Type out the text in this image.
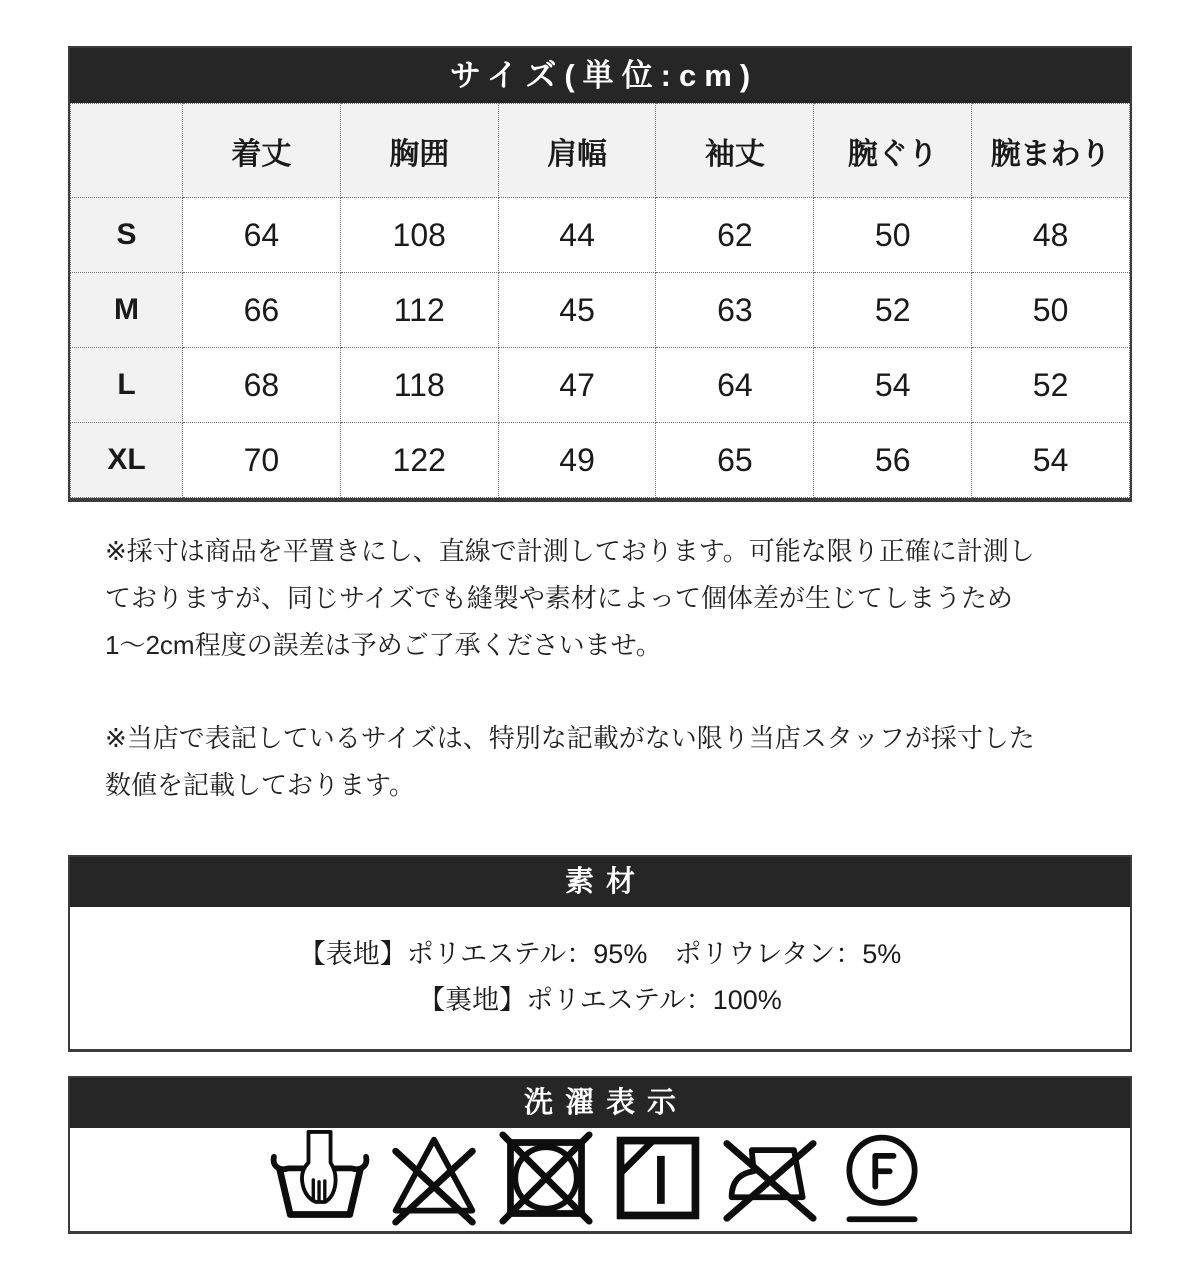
サイズ(単位:cm)
	着丈	胸囲	肩幅	袖丈	腕ぐり	腕まわり
S	64	108	44	62	50	48
M	66	112	45	63	52	50
L	68	118	47	64	54	52
XL	70	122	49	65	56	54

※採寸は商品を平置きにし、直線で計測しております。可能な限り正確に計測し
ておりますが、同じサイズでも縫製や素材によって個体差が生じてしまうため
1〜2cm程度の誤差は予めご了承くださいませ。

※当店で表記しているサイズは、特別な記載がない限り当店スタッフが採寸した
数値を記載しております。

素材
【表地】ポリエステル：95%　ポリウレタン：5%
【裏地】ポリエステル：100%
洗濯表示
